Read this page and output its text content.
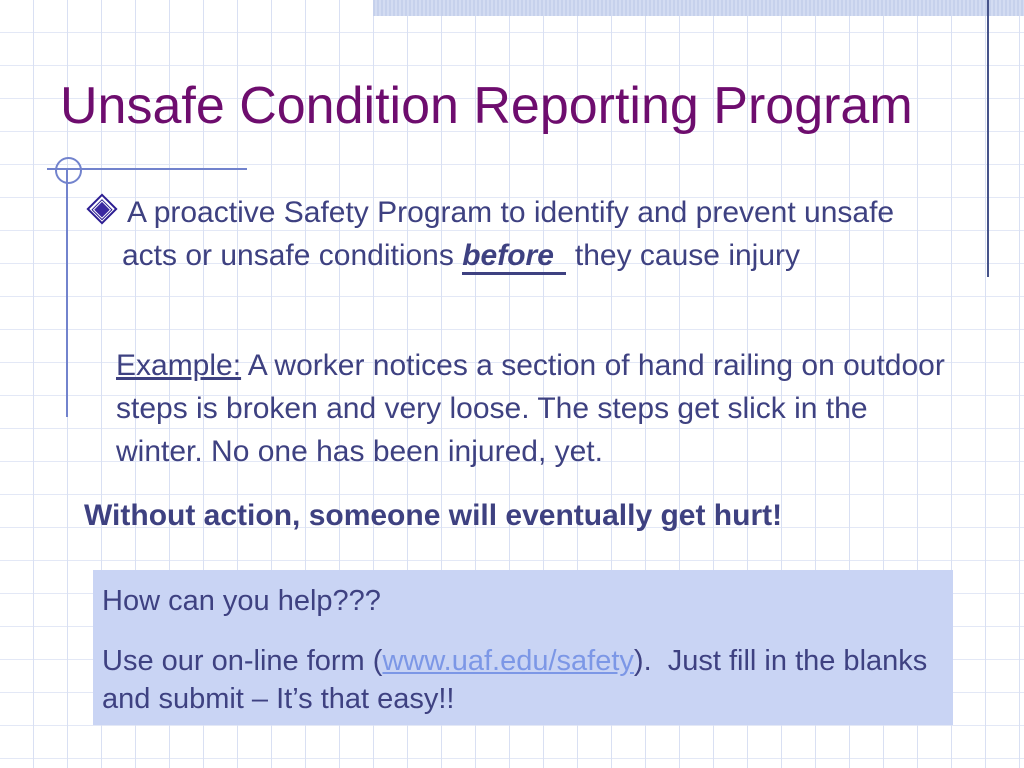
Unsafe Condition Reporting Program

A proactive Safety Program to identify and prevent unsafe acts or unsafe conditions before they cause injury

Example: A worker notices a section of hand railing on outdoor steps is broken and very loose. The steps get slick in the winter. No one has been injured, yet.

Without action, someone will eventually get hurt!

How can you help???

Use our on-line form (www.uaf.edu/safety).  Just fill in the blanks and submit – It’s that easy!!
